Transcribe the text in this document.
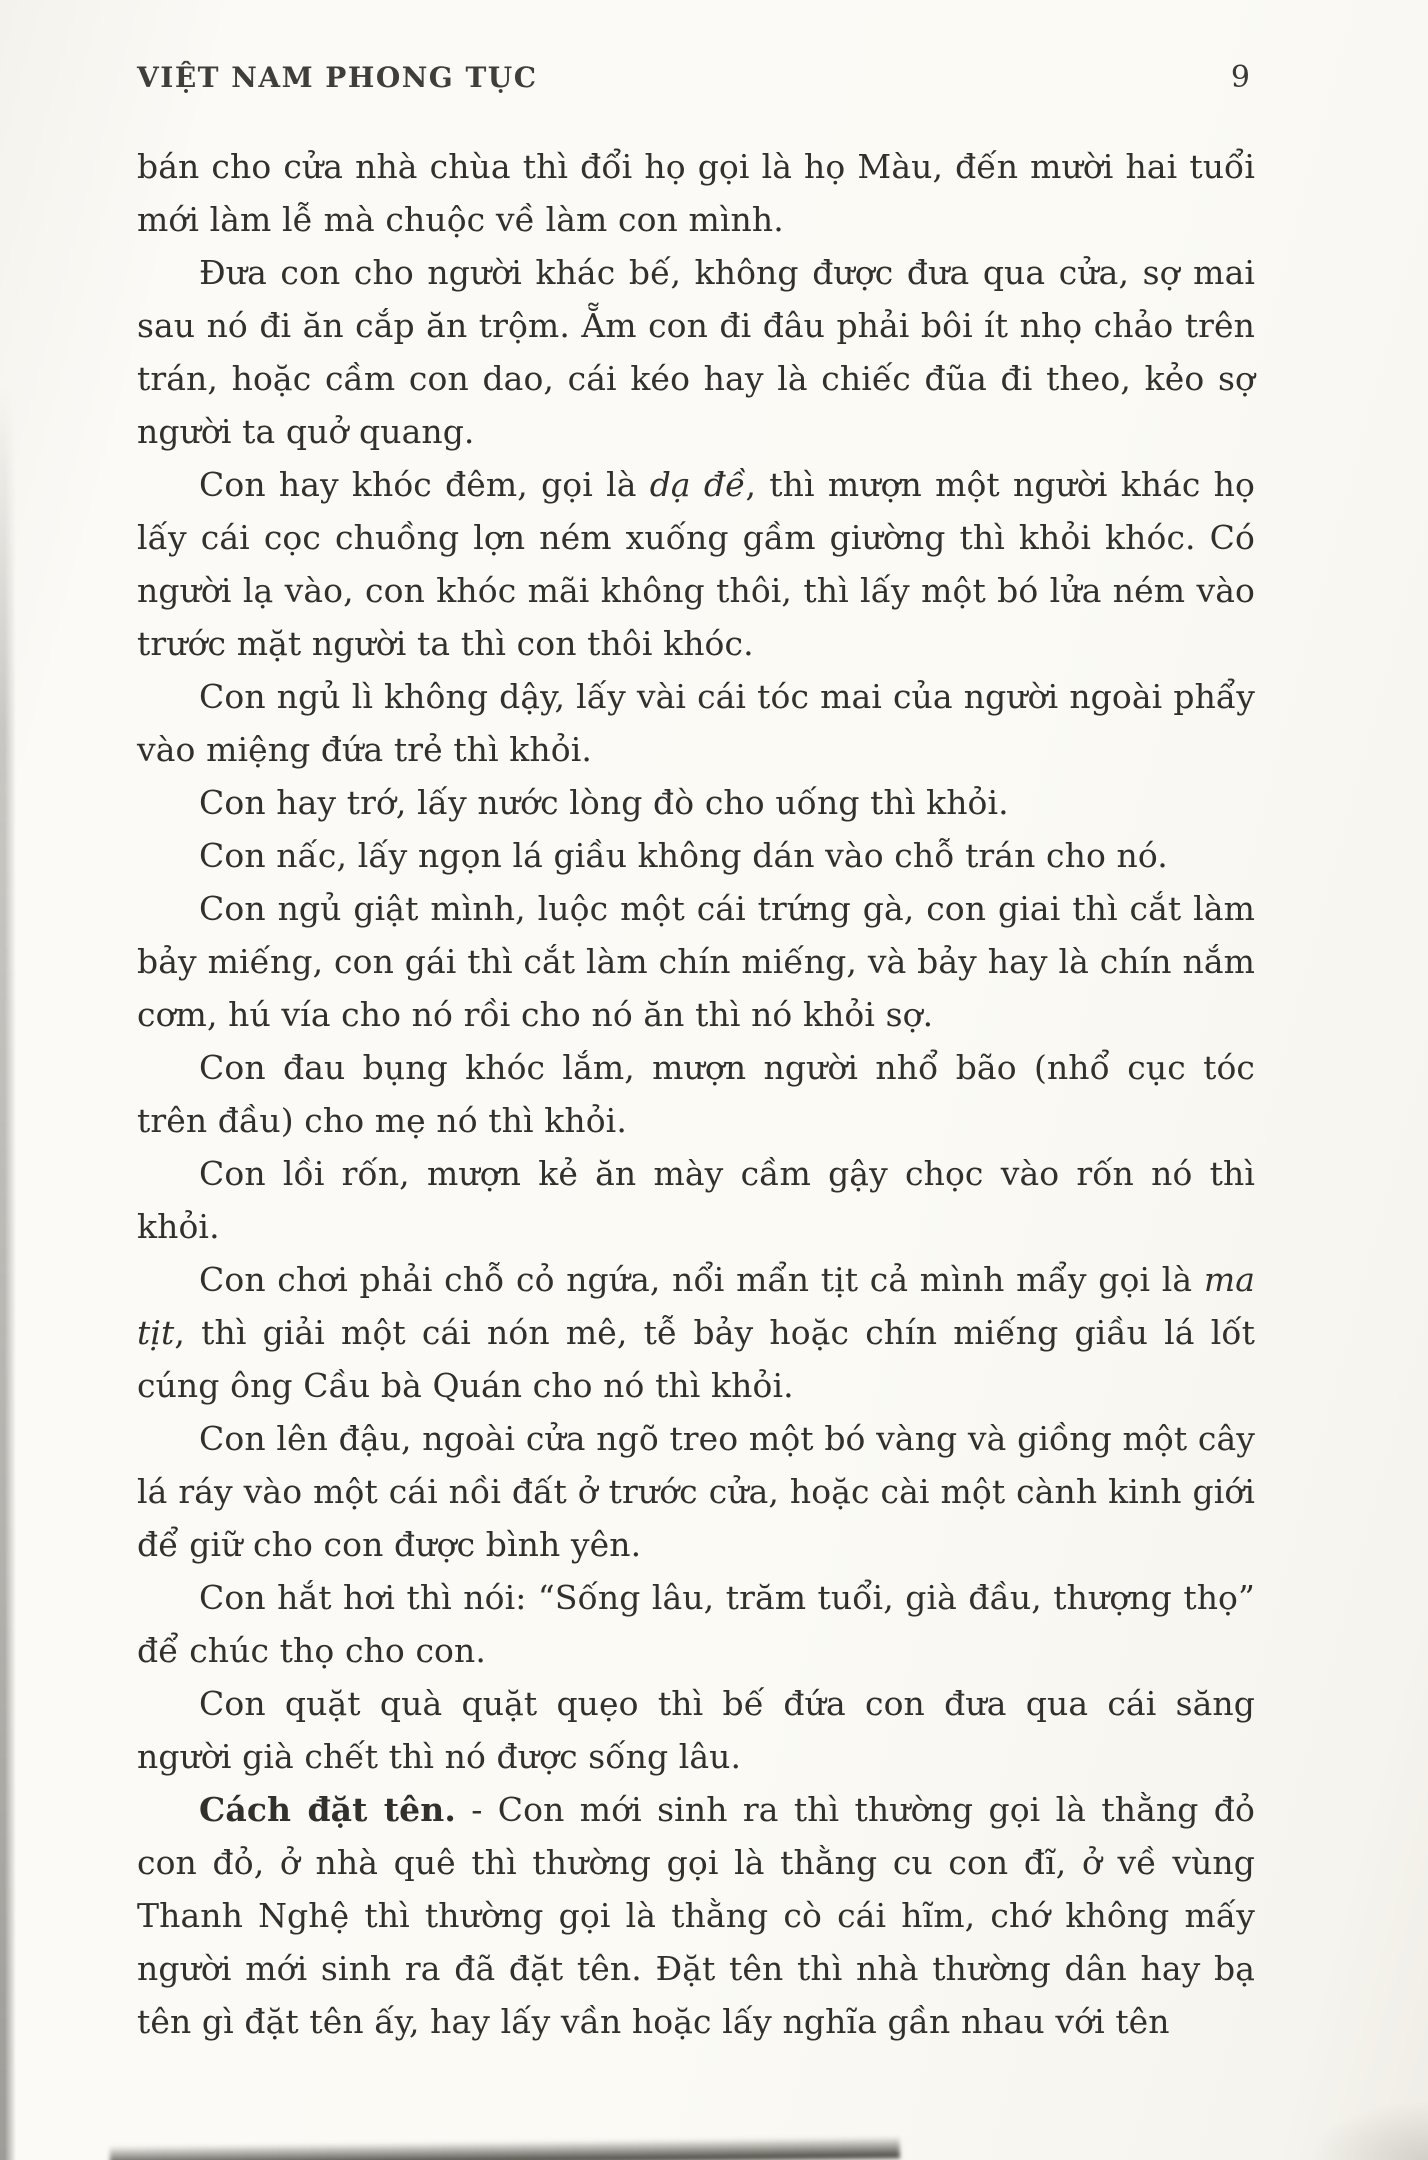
VIỆT NAM PHONG TỤC	9

bán cho cửa nhà chùa thì đổi họ gọi là họ Màu, đến mười hai tuổi mới làm lễ mà chuộc về làm con mình.

Đưa con cho người khác bế, không được đưa qua cửa, sợ mai sau nó đi ăn cắp ăn trộm. Ẵm con đi đâu phải bôi ít nhọ chảo trên trán, hoặc cầm con dao, cái kéo hay là chiếc đũa đi theo, kẻo sợ người ta quở quang.

Con hay khóc đêm, gọi là dạ đề, thì mượn một người khác họ lấy cái cọc chuồng lợn ném xuống gầm giường thì khỏi khóc. Có người lạ vào, con khóc mãi không thôi, thì lấy một bó lửa ném vào trước mặt người ta thì con thôi khóc.

Con ngủ lì không dậy, lấy vài cái tóc mai của người ngoài phẩy vào miệng đứa trẻ thì khỏi.

Con hay trớ, lấy nước lòng đò cho uống thì khỏi.

Con nấc, lấy ngọn lá giầu không dán vào chỗ trán cho nó.

Con ngủ giật mình, luộc một cái trứng gà, con giai thì cắt làm bảy miếng, con gái thì cắt làm chín miếng, và bảy hay là chín nắm cơm, hú vía cho nó rồi cho nó ăn thì nó khỏi sợ.

Con đau bụng khóc lắm, mượn người nhổ bão (nhổ cục tóc trên đầu) cho mẹ nó thì khỏi.

Con lồi rốn, mượn kẻ ăn mày cầm gậy chọc vào rốn nó thì khỏi.

Con chơi phải chỗ cỏ ngứa, nổi mẩn tịt cả mình mẩy gọi là ma tịt, thì giải một cái nón mê, tễ bảy hoặc chín miếng giầu lá lốt cúng ông Cầu bà Quán cho nó thì khỏi.

Con lên đậu, ngoài cửa ngõ treo một bó vàng và giồng một cây lá ráy vào một cái nồi đất ở trước cửa, hoặc cài một cành kinh giới để giữ cho con được bình yên.

Con hắt hơi thì nói: “Sống lâu, trăm tuổi, già đầu, thượng thọ” để chúc thọ cho con.

Con quặt quà quặt quẹo thì bế đứa con đưa qua cái săng người già chết thì nó được sống lâu.

Cách đặt tên. - Con mới sinh ra thì thường gọi là thằng đỏ con đỏ, ở nhà quê thì thường gọi là thằng cu con đĩ, ở về vùng Thanh Nghệ thì thường gọi là thằng cò cái hĩm, chớ không mấy người mới sinh ra đã đặt tên. Đặt tên thì nhà thường dân hay bạ tên gì đặt tên ấy, hay lấy vần hoặc lấy nghĩa gần nhau với tên
